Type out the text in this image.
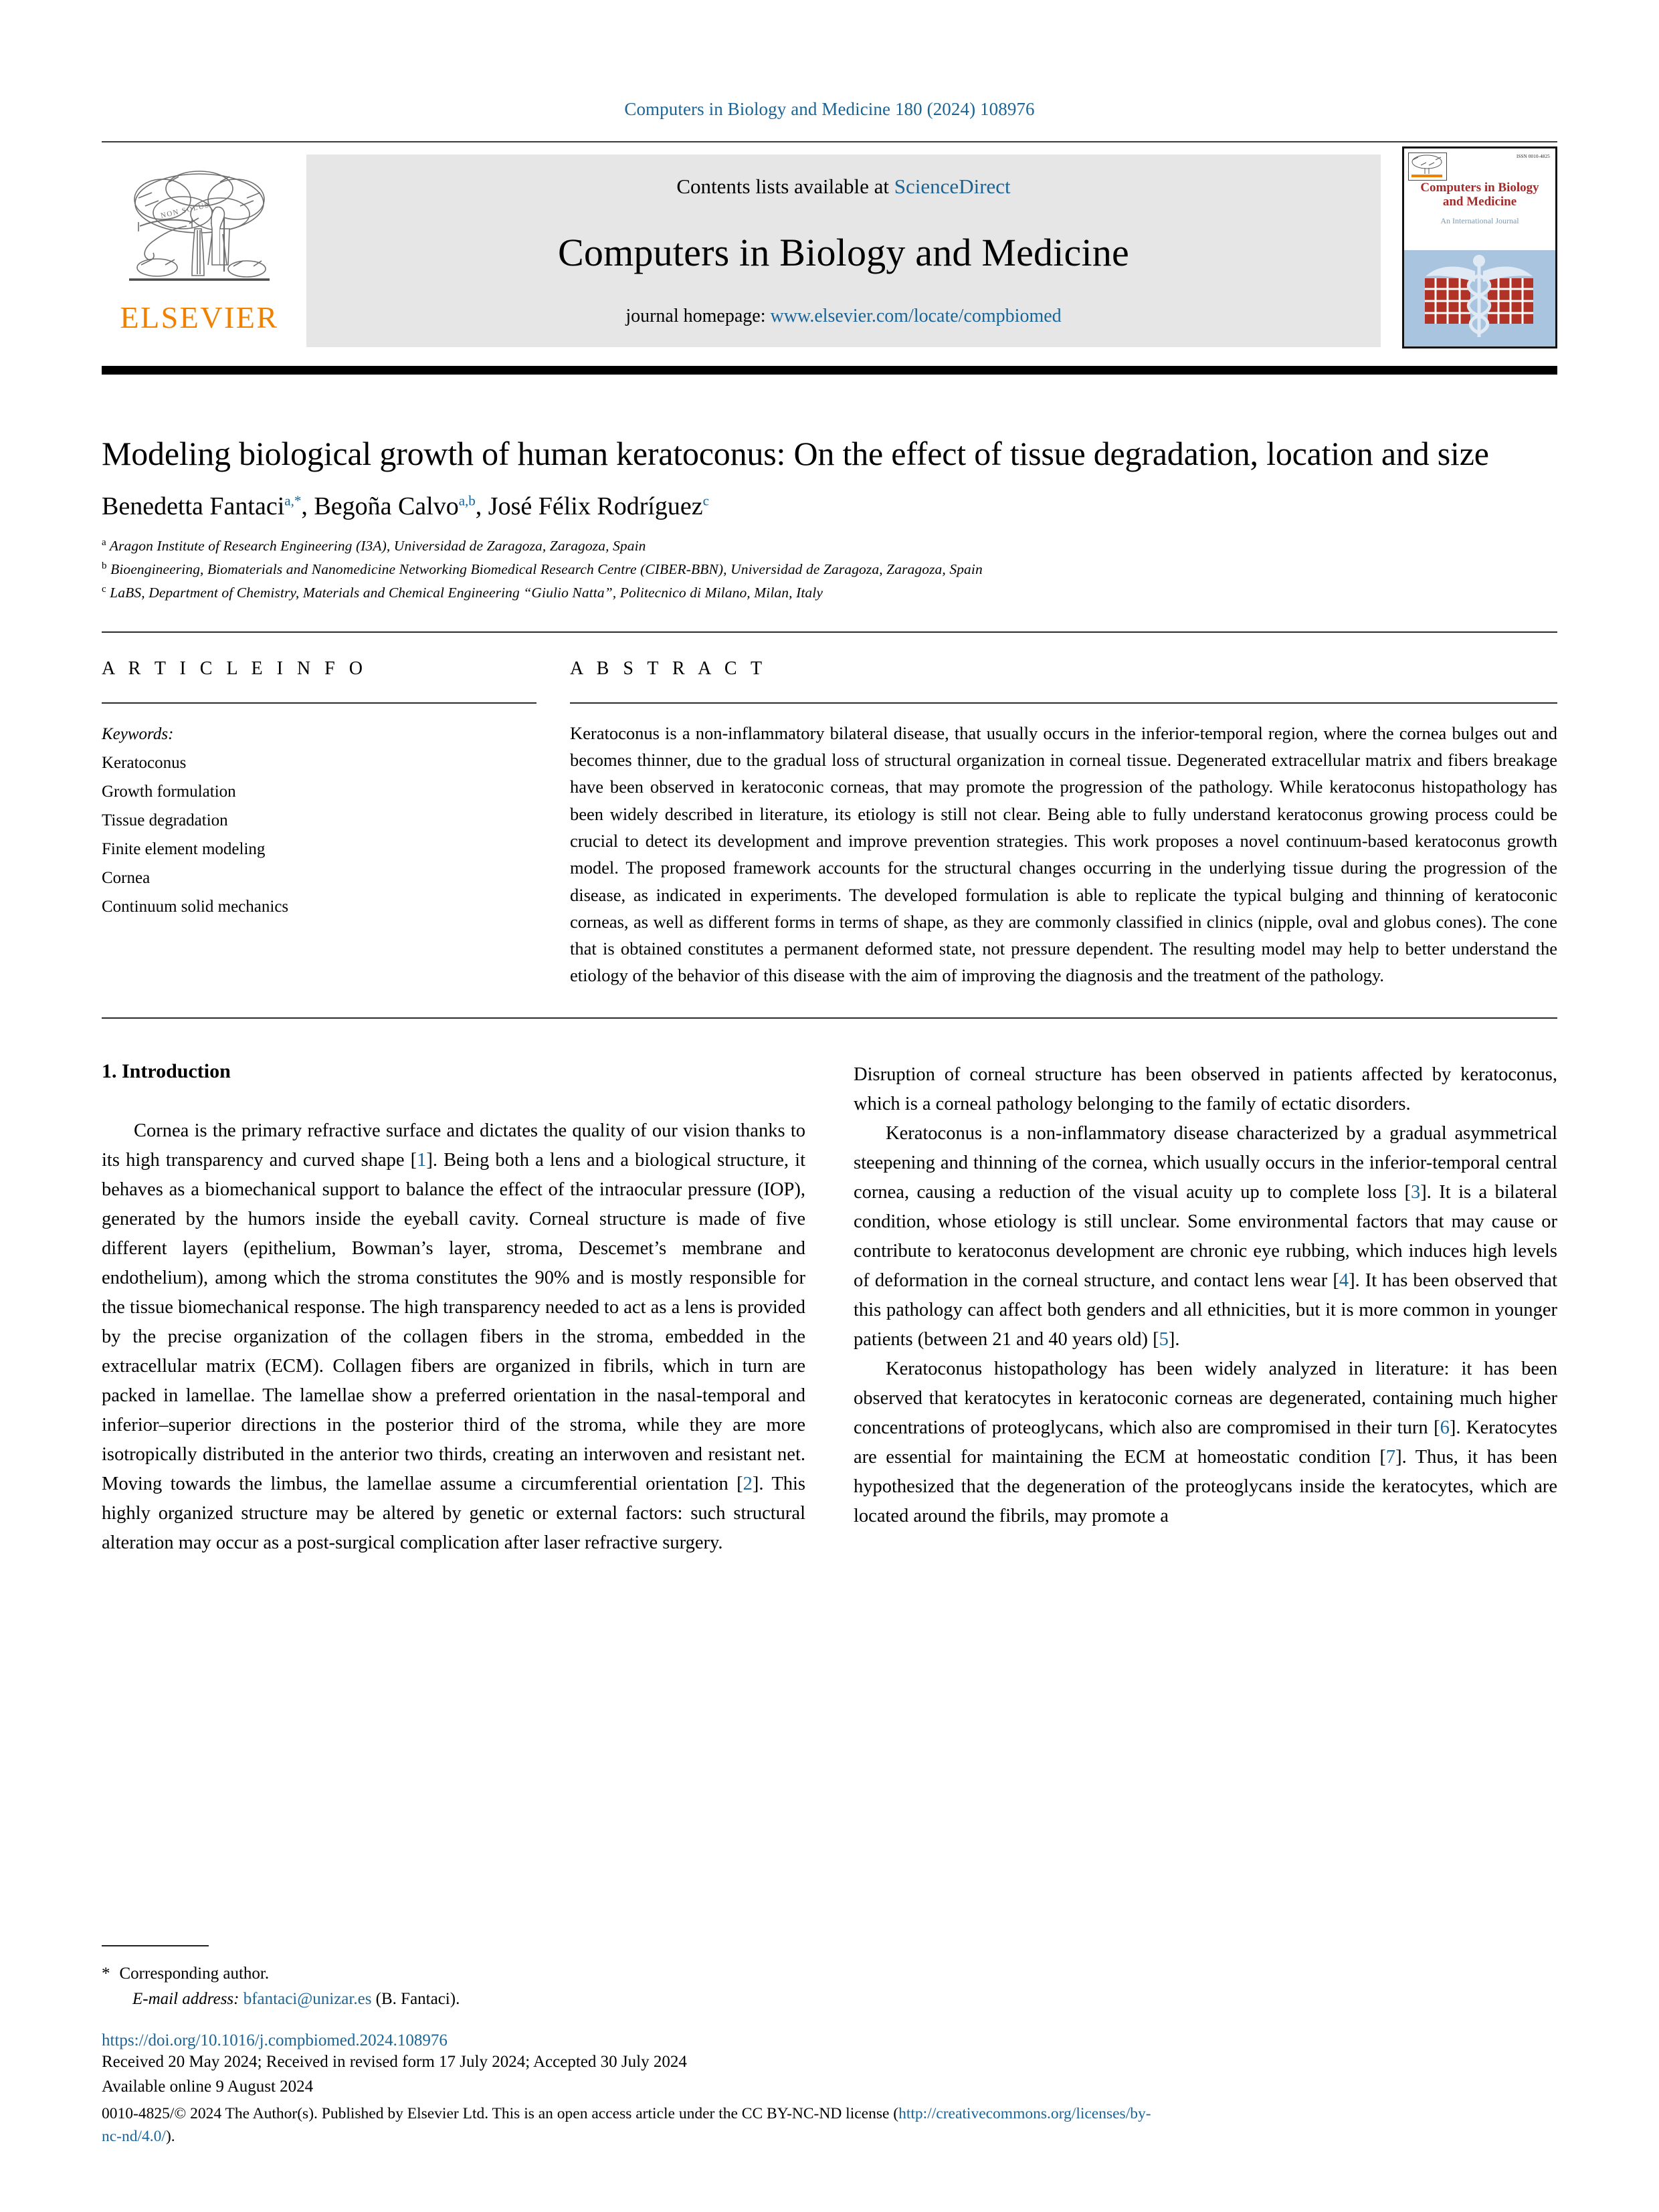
Computers in Biology and Medicine 180 (2024) 108976
NON SOLUS
ELSEVIER
Contents lists available at ScienceDirect
Computers in Biology and Medicine
journal homepage: www.elsevier.com/locate/compbiomed
ISSN 0010-4825
Computers in Biology
and Medicine
An International Journal
Modeling biological growth of human keratoconus: On the effect of tissue degradation, location and size
Benedetta Fantaci$^{a,*}$, Begoña Calvo$^{a,b}$, José Félix Rodríguez$^c$
$^a$ Aragon Institute of Research Engineering (I3A), Universidad de Zaragoza, Zaragoza, Spain
$^b$ Bioengineering, Biomaterials and Nanomedicine Networking Biomedical Research Centre (CIBER-BBN), Universidad de Zaragoza, Zaragoza, Spain
$^c$ LaBS, Department of Chemistry, Materials and Chemical Engineering “Giulio Natta”, Politecnico di Milano, Milan, Italy
A R T I C L E I N F O
Keywords:
Keratoconus
Growth formulation
Tissue degradation
Finite element modeling
Cornea
Continuum solid mechanics
A B S T R A C T
Keratoconus is a non-inflammatory bilateral disease, that usually occurs in the inferior-temporal region, where the cornea bulges out and becomes thinner, due to the gradual loss of structural organization in corneal tissue. Degenerated extracellular matrix and fibers breakage have been observed in keratoconic corneas, that may promote the progression of the pathology. While keratoconus histopathology has been widely described in literature, its etiology is still not clear. Being able to fully understand keratoconus growing process could be crucial to detect its development and improve prevention strategies. This work proposes a novel continuum-based keratoconus growth model. The proposed framework accounts for the structural changes occurring in the underlying tissue during the progression of the disease, as indicated in experiments. The developed formulation is able to replicate the typical bulging and thinning of keratoconic corneas, as well as different forms in terms of shape, as they are commonly classified in clinics (nipple, oval and globus cones). The cone that is obtained constitutes a permanent deformed state, not pressure dependent. The resulting model may help to better understand the etiology of the behavior of this disease with the aim of improving the diagnosis and the treatment of the pathology.
1. Introduction

Cornea is the primary refractive surface and dictates the quality of our vision thanks to its high transparency and curved shape [1]. Being both a lens and a biological structure, it behaves as a biomechanical support to balance the effect of the intraocular pressure (IOP), generated by the humors inside the eyeball cavity. Corneal structure is made of five different layers (epithelium, Bowman’s layer, stroma, Descemet’s membrane and endothelium), among which the stroma constitutes the 90% and is mostly responsible for the tissue biomechanical response. The high transparency needed to act as a lens is provided by the precise organization of the collagen fibers in the stroma, embedded in the extracellular matrix (ECM). Collagen fibers are organized in fibrils, which in turn are packed in lamellae. The lamellae show a preferred orientation in the nasal-temporal and inferior–superior directions in the posterior third of the stroma, while they are more isotropically distributed in the anterior two thirds, creating an interwoven and resistant net. Moving towards the limbus, the lamellae assume a circumferential orientation [2]. This highly organized structure may be altered by genetic or external factors: such structural alteration may occur as a post-surgical complication after laser refractive surgery.

Disruption of corneal structure has been observed in patients affected by keratoconus, which is a corneal pathology belonging to the family of ectatic disorders.

Keratoconus is a non-inflammatory disease characterized by a gradual asymmetrical steepening and thinning of the cornea, which usually occurs in the inferior-temporal central cornea, causing a reduction of the visual acuity up to complete loss [3]. It is a bilateral condition, whose etiology is still unclear. Some environmental factors that may cause or contribute to keratoconus development are chronic eye rubbing, which induces high levels of deformation in the corneal structure, and contact lens wear [4]. It has been observed that this pathology can affect both genders and all ethnicities, but it is more common in younger patients (between 21 and 40 years old) [5].

Keratoconus histopathology has been widely analyzed in literature: it has been observed that keratocytes in keratoconic corneas are degenerated, containing much higher concentrations of proteoglycans, which also are compromised in their turn [6]. Keratocytes are essential for maintaining the ECM at homeostatic condition [7]. Thus, it has been hypothesized that the degeneration of the proteoglycans inside the keratocytes, which are located around the fibrils, may promote a

* Corresponding author.
E-mail address: bfantaci@unizar.es (B. Fantaci).
https://doi.org/10.1016/j.compbiomed.2024.108976
Received 20 May 2024; Received in revised form 17 July 2024; Accepted 30 July 2024
Available online 9 August 2024
0010-4825/© 2024 The Author(s). Published by Elsevier Ltd. This is an open access article under the CC BY-NC-ND license (http://creativecommons.org/licenses/by-
nc-nd/4.0/).
